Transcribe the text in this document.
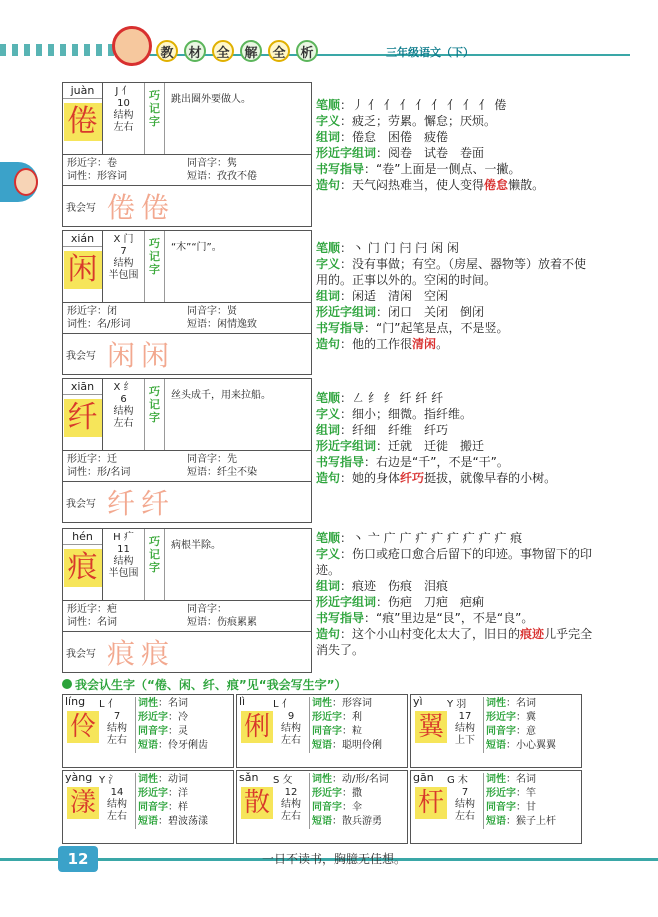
教	材	全	解	全	析	三年级语文（下）
juàn
倦
J 亻
10
结构
左右
巧记字
跳出圈外要做人。
形近字：卷	同音字：隽
词性：形容词	短语：孜孜不倦
我会写 倦倦
笔顺：丿 亻 亻 亻 亻 亻 亻 亻 亻 倦
字义：疲乏；劳累。懈怠；厌烦。
组词：倦怠　困倦　疲倦
形近字组词：阅卷　试卷　卷面
书写指导：“卷”上面是一侧点、一撇。
造句：天气闷热难当，使人变得倦怠懒散。
xián
闲
X 门
7
结构
半包围
巧记字
“木”“门”。
形近字：闭	同音字：贤
词性：名/形词	短语：闲情逸致
我会写 闲闲
笔顺：丶 门 门 闩 闩 闲 闲
字义：没有事做；有空。（房屋、器物等）放着不使用的。正事以外的。空闲的时间。
组词：闲适　清闲　空闲
形近字组词：闭口　关闭　倒闭
书写指导：“门”起笔是点，不是竖。
造句：他的工作很清闲。
xiān
纤
X 纟
6
结构
左右
巧记字
丝头成千，用来拉船。
形近字：迁	同音字：先
词性：形/名词	短语：纤尘不染
我会写 纤纤
笔顺：㇜ 纟 纟 纤 纤 纤
字义：细小；细微。指纤维。
组词：纤细　纤维　纤巧
形近字组词：迁就　迁徙　搬迁
书写指导：右边是“千”，不是“干”。
造句：她的身体纤巧挺拔，就像早春的小树。
hén
痕
H 疒
11
结构
半包围
巧记字
病根半除。
形近字：疤	同音字：
词性：名词	短语：伤痕累累
我会写 痕痕
笔顺：丶 亠 广 广 疒 疒 疒 疒 疒 疒 痕
字义：伤口或疮口愈合后留下的印迹。事物留下的印迹。
组词：痕迹　伤痕　泪痕
形近字组词：伤疤　刀疤　疤痢
书写指导：“痕”里边是“艮”，不是“良”。
造句：这个小山村变化太大了，旧日的痕迹儿乎完全消失了。
我会认生字（“倦、闲、纤、痕”见“我会写生字”）
líng L 亻
伶	7
结构
左右
词性：名词
形近字：冷
同音字：灵
短语：伶牙俐齿
lì	L 亻
俐	9
结构
左右
词性：形容词
形近字：利
同音字：粒
短语：聪明伶俐
yì Y 羽
翼	17
结构
上下
词性：名词
形近字：冀
同音字：意
短语：小心翼翼
yàng Y 氵
漾	14
结构
左右
词性：动词
形近字：洋
同音字：样
短语：碧波荡漾
sǎn S 攵
散	12
结构
左右
词性：动/形/名词
形近字：撒
同音字：伞
短语：散兵游勇
gān G 木
杆	7
结构
左右
词性：名词
形近字：竿
同音字：甘
短语：猴子上杆
12	一日不读书，胸臆无佳想。
